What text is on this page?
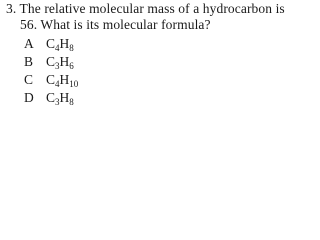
3. The relative molecular mass of a hydrocarbon is
56. What is its molecular formula?
A $C_4H_8$
B $C_3H_6$
C $C_4H_{10}$
D $C_3H_8$
